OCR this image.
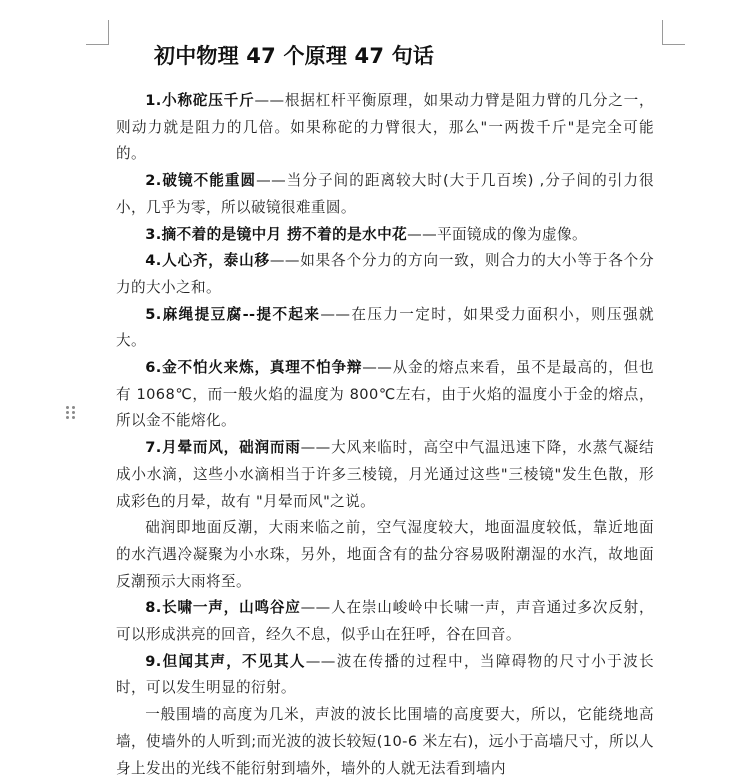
初中物理 47 个原理 47 句话

1.小称砣压千斤——根据杠杆平衡原理，如果动力臂是阻力臂的几分之一，则动力就是阻力的几倍。如果称砣的力臂很大，那么"一两拨千斤"是完全可能的。

2.破镜不能重圆——当分子间的距离较大时(大于几百埃) ,分子间的引力很小，几乎为零，所以破镜很难重圆。

3.摘不着的是镜中月 捞不着的是水中花——平面镜成的像为虚像。

4.人心齐，泰山移——如果各个分力的方向一致，则合力的大小等于各个分力的大小之和。

5.麻绳提豆腐--提不起来——在压力一定时，如果受力面积小，则压强就大。

6.金不怕火来炼，真理不怕争辩——从金的熔点来看，虽不是最高的，但也有 1068℃，而一般火焰的温度为 800℃左右，由于火焰的温度小于金的熔点，所以金不能熔化。

7.月晕而风，础润而雨——大风来临时，高空中气温迅速下降，水蒸气凝结成小水滴，这些小水滴相当于许多三棱镜，月光通过这些"三棱镜"发生色散，形成彩色的月晕，故有 "月晕而风"之说。

础润即地面反潮，大雨来临之前，空气湿度较大，地面温度较低，靠近地面的水汽遇冷凝聚为小水珠，另外，地面含有的盐分容易吸附潮湿的水汽，故地面反潮预示大雨将至。

8.长啸一声，山鸣谷应——人在崇山峻岭中长啸一声，声音通过多次反射，可以形成洪亮的回音，经久不息，似乎山在狂呼，谷在回音。

9.但闻其声，不见其人——波在传播的过程中，当障碍物的尺寸小于波长时，可以发生明显的衍射。

一般围墙的高度为几米，声波的波长比围墙的高度要大，所以，它能绕地高墙，使墙外的人听到;而光波的波长较短(10-6 米左右)，远小于高墙尺寸，所以人身上发出的光线不能衍射到墙外，墙外的人就无法看到墙内
